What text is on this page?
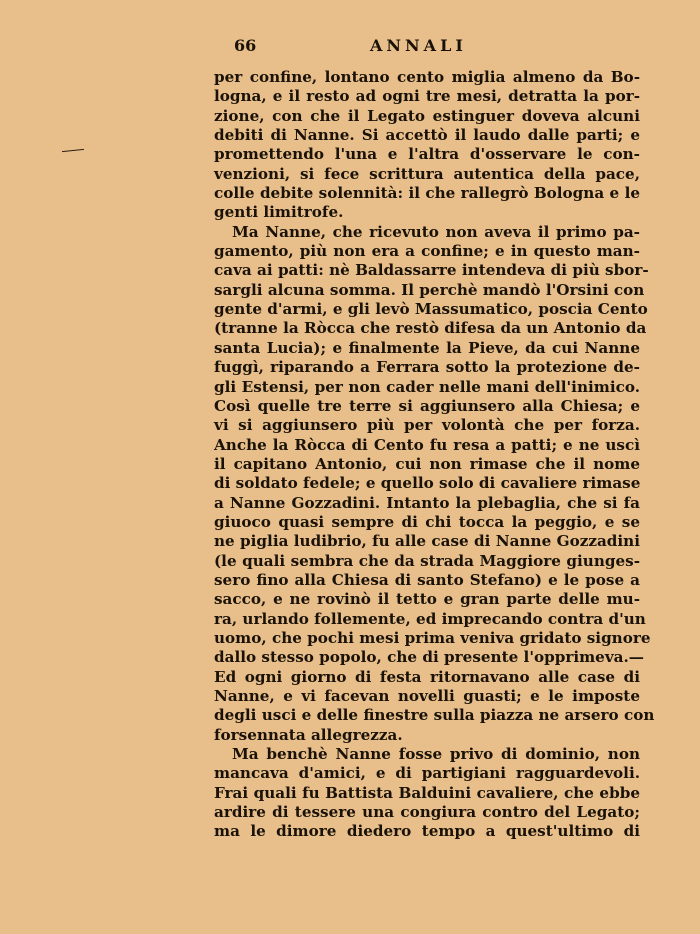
66	ANNALI
per confine, lontano cento miglia almeno da Bo-
logna, e il resto ad ogni tre mesi, detratta la por-
zione, con che il Legato estinguer doveva alcuni
debiti di Nanne. Si accettò il laudo dalle parti; e
promettendo l'una e l'altra d'osservare le con-
venzioni, si fece scrittura autentica della pace,
colle debite solennità: il che rallegrò Bologna e le
genti limitrofe.
Ma Nanne, che ricevuto non aveva il primo pa-
gamento, più non era a confine; e in questo man-
cava ai patti: nè Baldassarre intendeva di più sbor-
sargli alcuna somma. Il perchè mandò l'Orsini con
gente d'armi, e gli levò Massumatico, poscia Cento
(tranne la Ròcca che restò difesa da un Antonio da
santa Lucia); e finalmente la Pieve, da cui Nanne
fuggì, riparando a Ferrara sotto la protezione de-
gli Estensi, per non cader nelle mani dell'inimico.
Così quelle tre terre si aggiunsero alla Chiesa; e
vi si aggiunsero più per volontà che per forza.
Anche la Ròcca di Cento fu resa a patti; e ne uscì
il capitano Antonio, cui non rimase che il nome
di soldato fedele; e quello solo di cavaliere rimase
a Nanne Gozzadini. Intanto la plebaglia, che si fa
giuoco quasi sempre di chi tocca la peggio, e se
ne piglia ludibrio, fu alle case di Nanne Gozzadini
(le quali sembra che da strada Maggiore giunges-
sero fino alla Chiesa di santo Stefano) e le pose a
sacco, e ne rovinò il tetto e gran parte delle mu-
ra, urlando follemente, ed imprecando contra d'un
uomo, che pochi mesi prima veniva gridato signore
dallo stesso popolo, che di presente l'opprimeva.—
Ed ogni giorno di festa ritornavano alle case di
Nanne, e vi facevan novelli guasti; e le imposte
degli usci e delle finestre sulla piazza ne arsero con
forsennata allegrezza.
Ma benchè Nanne fosse privo di dominio, non
mancava d'amici, e di partigiani ragguardevoli.
Frai quali fu Battista Balduini cavaliere, che ebbe
ardire di tessere una congiura contro del Legato;
ma le dimore diedero tempo a quest'ultimo di
